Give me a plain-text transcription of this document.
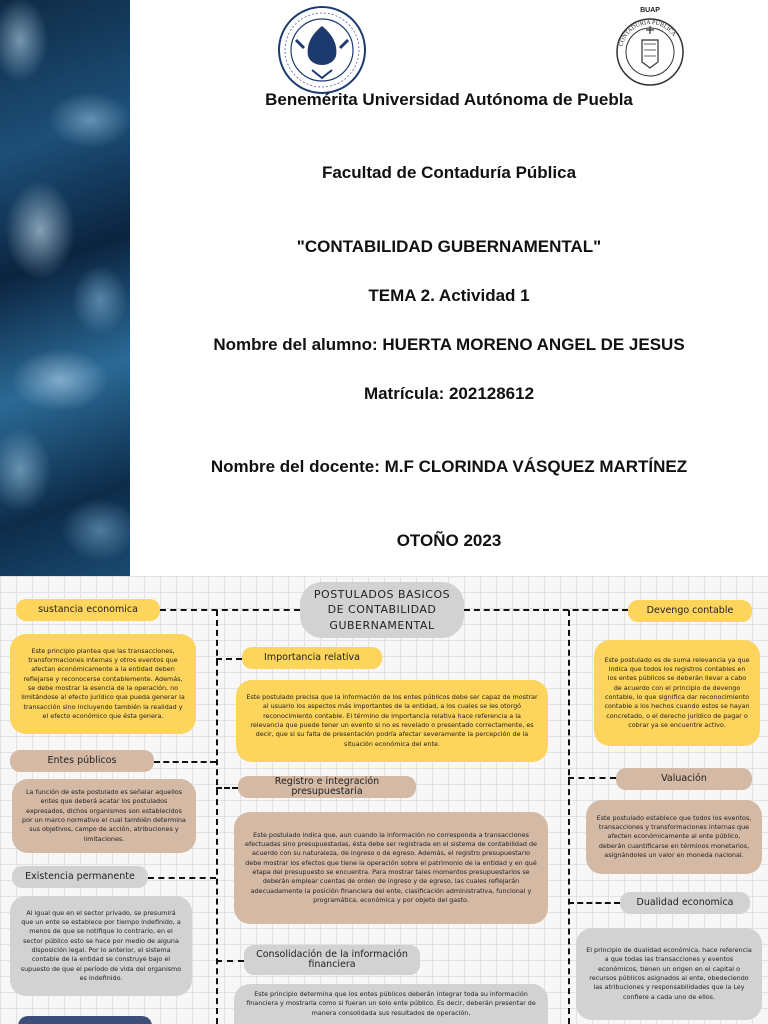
BUAP
CONTADURÍA PÚBLICA
Benemérita Universidad Autónoma de Puebla
Facultad de Contaduría Pública
"CONTABILIDAD GUBERNAMENTAL"
TEMA 2. Actividad 1
Nombre del alumno: HUERTA MORENO ANGEL DE JESUS
Matrícula: 202128612
Nombre del docente: M.F CLORINDA VÁSQUEZ MARTÍNEZ
OTOÑO 2023
POSTULADOS BASICOS DE CONTABILIDAD GUBERNAMENTAL
sustancia economica
Este principio plantea que las transacciones, transformaciones internas y otros eventos que afectan económicamente a la entidad deben reflejarse y reconocerse contablemente. Además, se debe mostrar la esencia de la operación, no limitándose al efecto jurídico que pueda generar la transacción sino incluyendo también la realidad y el efecto económico que ésta genera.
Entes públicos
La función de este postulado es señalar aquellos entes que deberá acatar los postulados expresados, dichos organismos son establecidos por un marco normativo el cual también determina sus objetivos, campo de acción, atribuciones y limitaciones.
Existencia permanente
Al igual que en el sector privado, se presumirá que un ente se establece por tiempo indefinido, a menos de que se notifique lo contrario, en el sector público esto se hace por medio de alguna disposición legal. Por lo anterior, el sistema contable de la entidad se construye bajo el supuesto de que el período de vida del organismo es indefinido.
Importancia relativa
Este postulado precisa que la información de los entes públicos debe ser capaz de mostrar al usuario los aspectos más importantes de la entidad, a los cuales se les otorgó reconocimiento contable. El término de importancia relativa hace referencia a la relevancia que puede tener un evento si no es revelado o presentado correctamente, es decir, que si su falta de presentación podría afectar severamente la percepción de la situación económica del ente.
Registro e integración presupuestaria
Este postulado indica que, aun cuando la información no corresponda a transacciones efectuadas sino presupuestadas, ésta debe ser registrada en el sistema de contabilidad de acuerdo con su naturaleza, de ingreso o de egreso. Además, el registro presupuestario debe mostrar los efectos que tiene la operación sobre el patrimonio de la entidad y en qué etapa del presupuesto se encuentra. Para mostrar tales momentos presupuestarios se deberán emplear cuentas de orden de ingreso y de egreso, las cuales reflejarán adecuadamente la posición financiera del ente, clasificación administrativa, funcional y programática, económica y por objeto del gasto.
Consolidación de la información financiera
Este principio determina que los entes públicos deberán integrar toda su información financiera y mostrarla como si fueran un solo ente público. Es decir, deberán presentar de manera consolidada sus resultados de operación,
Devengo contable
Este postulado es de suma relevancia ya que indica que todos los registros contables en los entes públicos se deberán llevar a cabo de acuerdo con el principio de devengo contable, lo que significa dar reconocimiento contable a los hechos cuando estos se hayan concretado, o el derecho jurídico de pagar o cobrar ya se encuentre activo.
Valuación
Este postulado establece que todos los eventos, transacciones y transformaciones internas que afecten económicamente al ente público, deberán cuantificarse en términos monetarios, asignándoles un valor en moneda nacional.
Dualidad economica
El principio de dualidad económica, hace referencia a que todas las transacciones y eventos económicos, tienen un origen en el capital o recursos públicos asignados al ente, obedeciendo las atribuciones y responsabilidades que la Ley confiere a cada uno de ellos.
